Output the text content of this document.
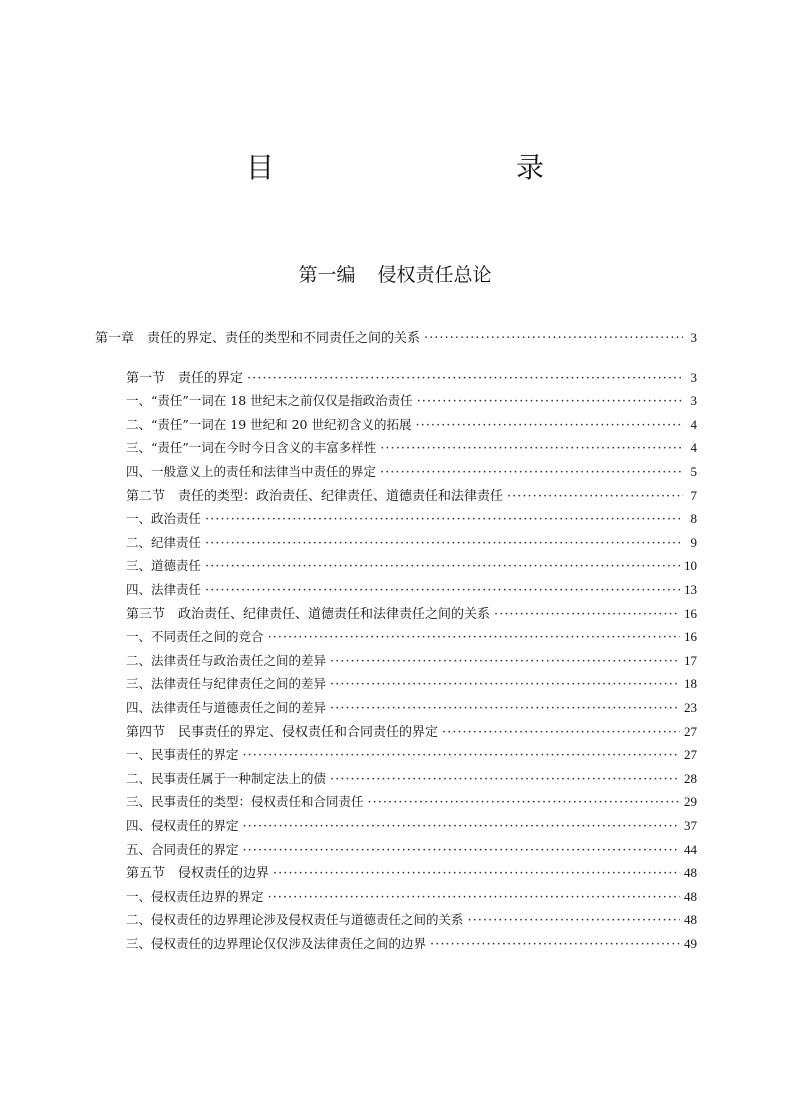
目　　录
第一编 侵权责任总论
第一章　责任的界定、责任的类型和不同责任之间的关系 ·····	3
第一节　责任的界定 ·····	3
一、“责任”一词在 18 世纪末之前仅仅是指政治责任 ·····	3
二、“责任”一词在 19 世纪和 20 世纪初含义的拓展 ·····	4
三、“责任”一词在今时今日含义的丰富多样性 ·····	4
四、一般意义上的责任和法律当中责任的界定 ·····	5
第二节　责任的类型：政治责任、纪律责任、道德责任和法律责任 ·····	7
一、政治责任 ·····	8
二、纪律责任 ·····	9
三、道德责任 ·····	10
四、法律责任 ·····	13
第三节　政治责任、纪律责任、道德责任和法律责任之间的关系 ·····	16
一、不同责任之间的竞合 ·····	16
二、法律责任与政治责任之间的差异 ·····	17
三、法律责任与纪律责任之间的差异 ·····	18
四、法律责任与道德责任之间的差异 ·····	23
第四节　民事责任的界定、侵权责任和合同责任的界定 ·····	27
一、民事责任的界定 ·····	27
二、民事责任属于一种制定法上的债 ·····	28
三、民事责任的类型：侵权责任和合同责任 ·····	29
四、侵权责任的界定 ·····	37
五、合同责任的界定 ·····	44
第五节　侵权责任的边界 ·····	48
一、侵权责任边界的界定 ·····	48
二、侵权责任的边界理论涉及侵权责任与道德责任之间的关系 ·····	48
三、侵权责任的边界理论仅仅涉及法律责任之间的边界 ·····	49
